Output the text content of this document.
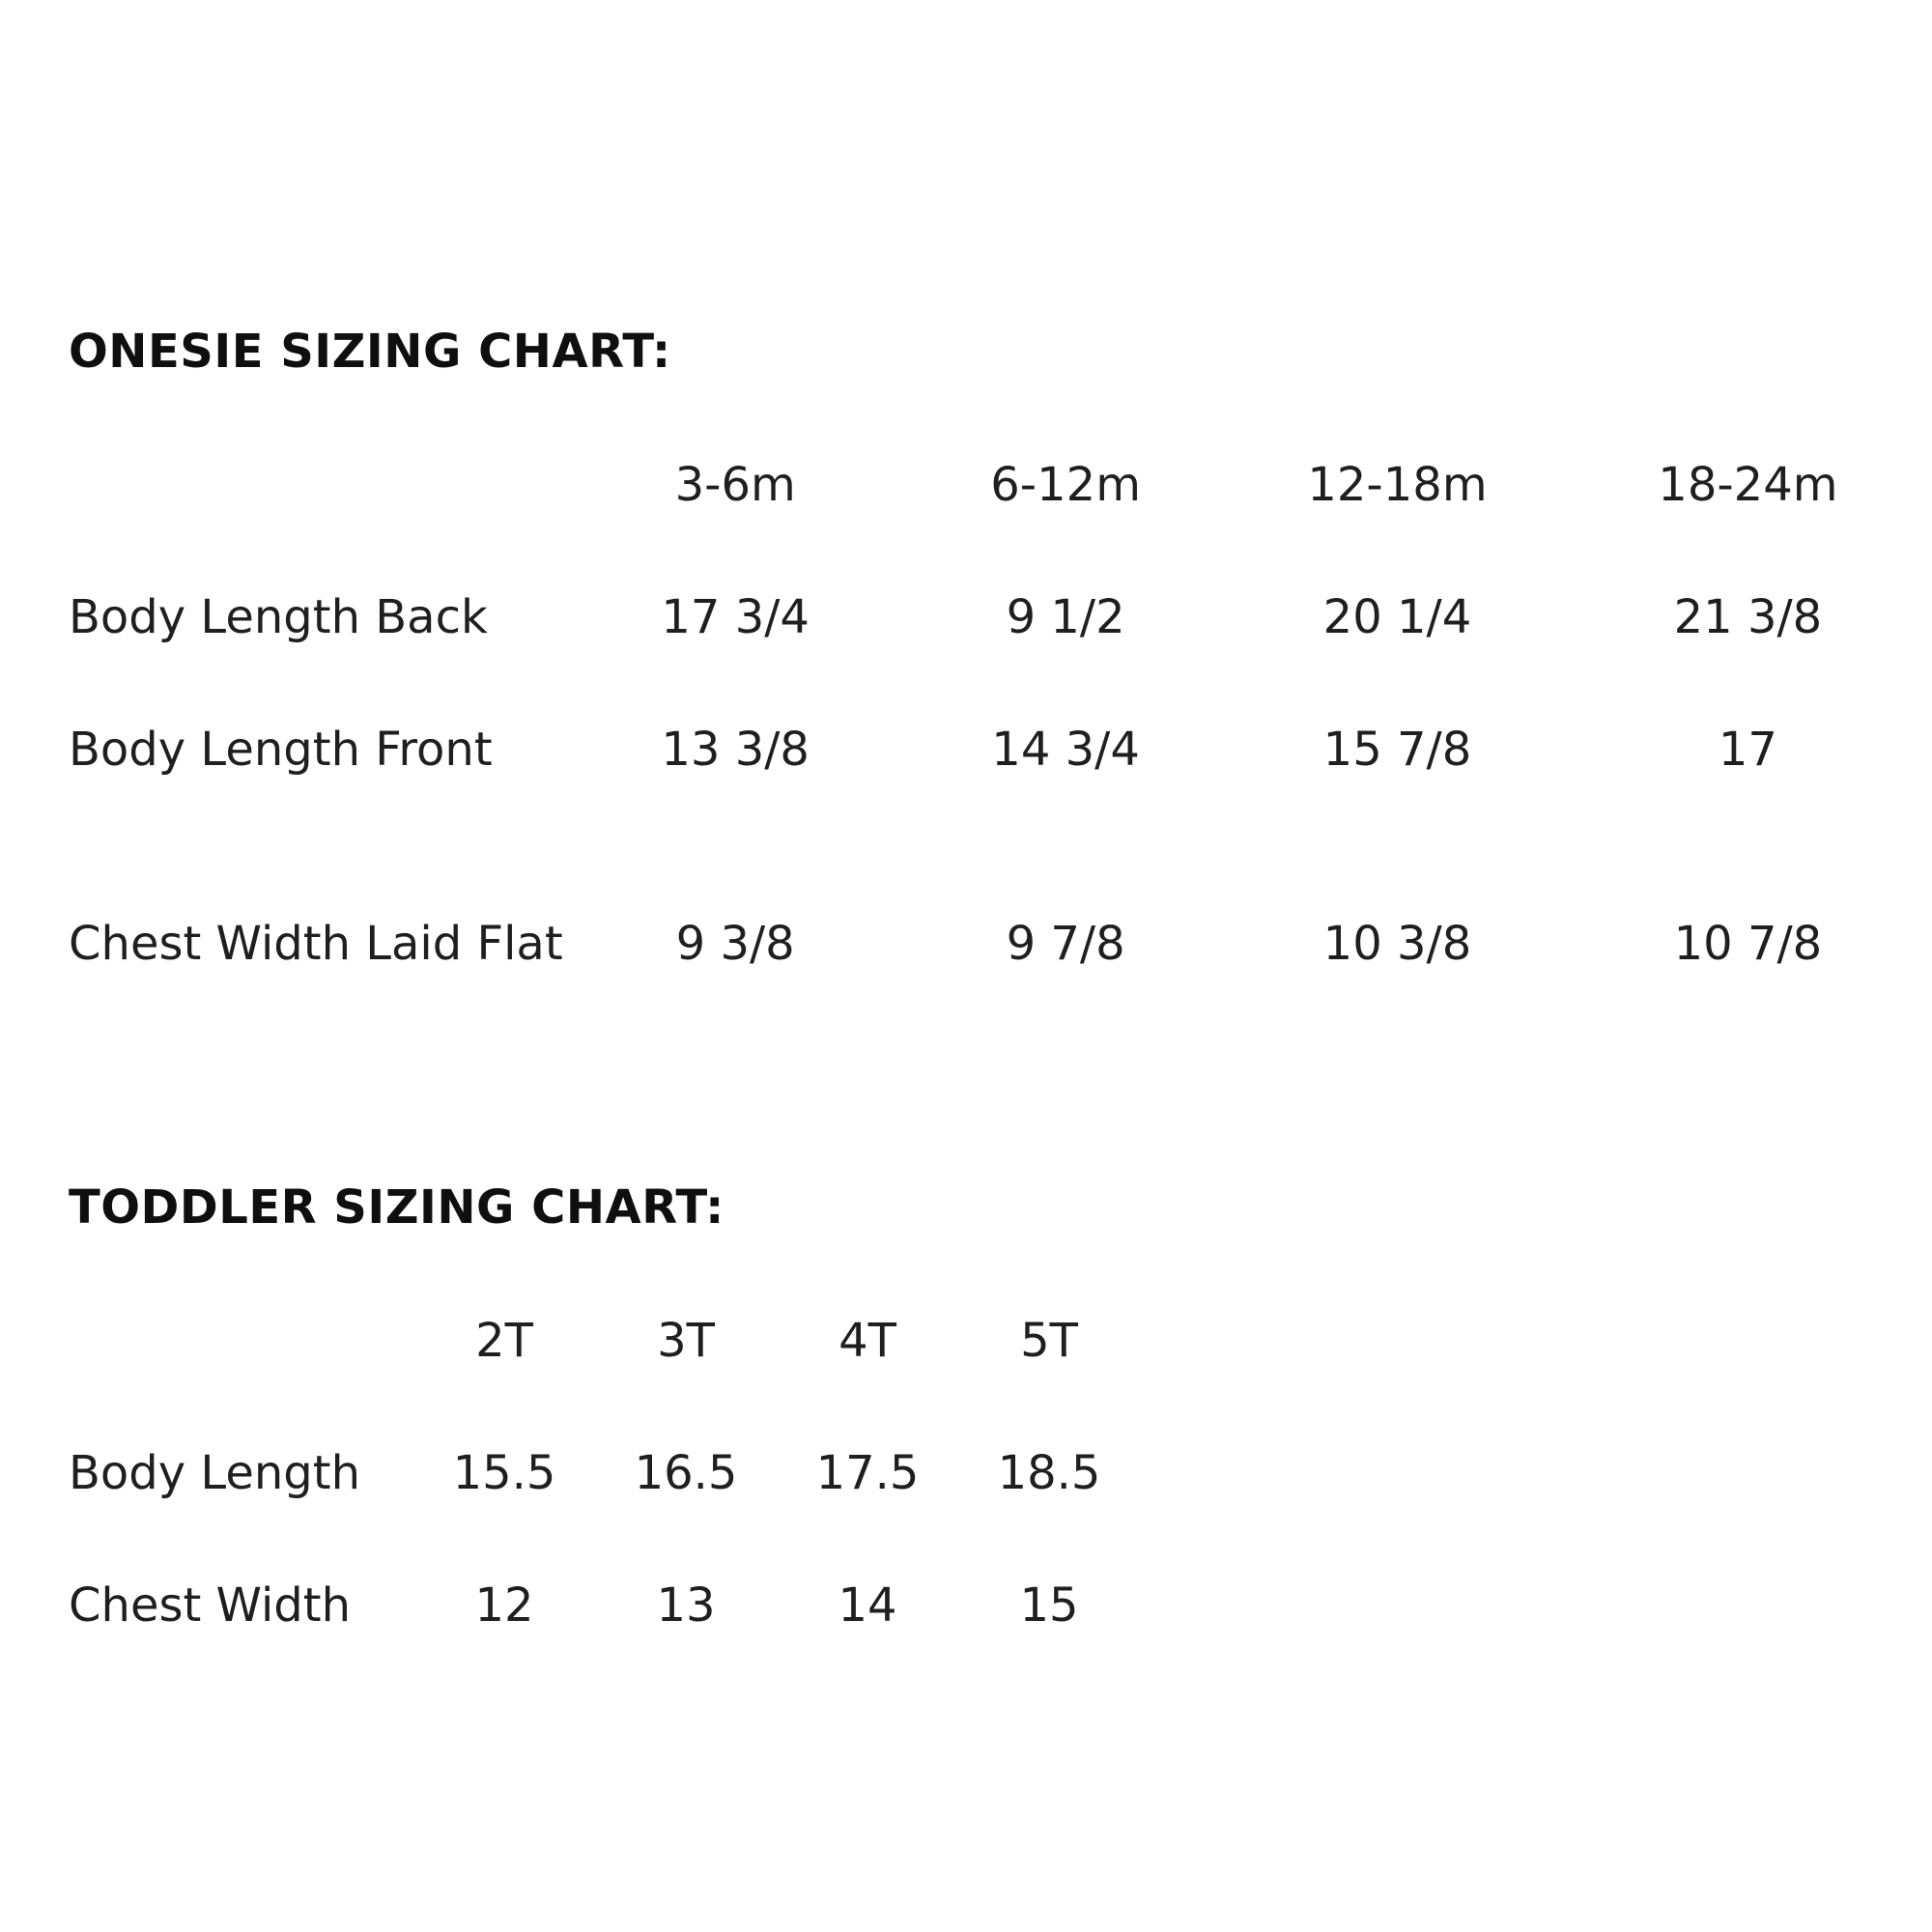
ONESIE SIZING CHART:
	3-6m	6-12m	12-18m	18-24m
Body Length Back	17 3/4	9 1/2	20 1/4	21 3/8
Body Length Front	13 3/8	14 3/4	15 7/8	17

Chest Width Laid Flat	9 3/8	9 7/8	10 3/8	10 7/8
TODDLER SIZING CHART:
	2T	3T	4T	5T
Body Length	15.5	16.5	17.5	18.5
Chest Width	12	13	14	15
